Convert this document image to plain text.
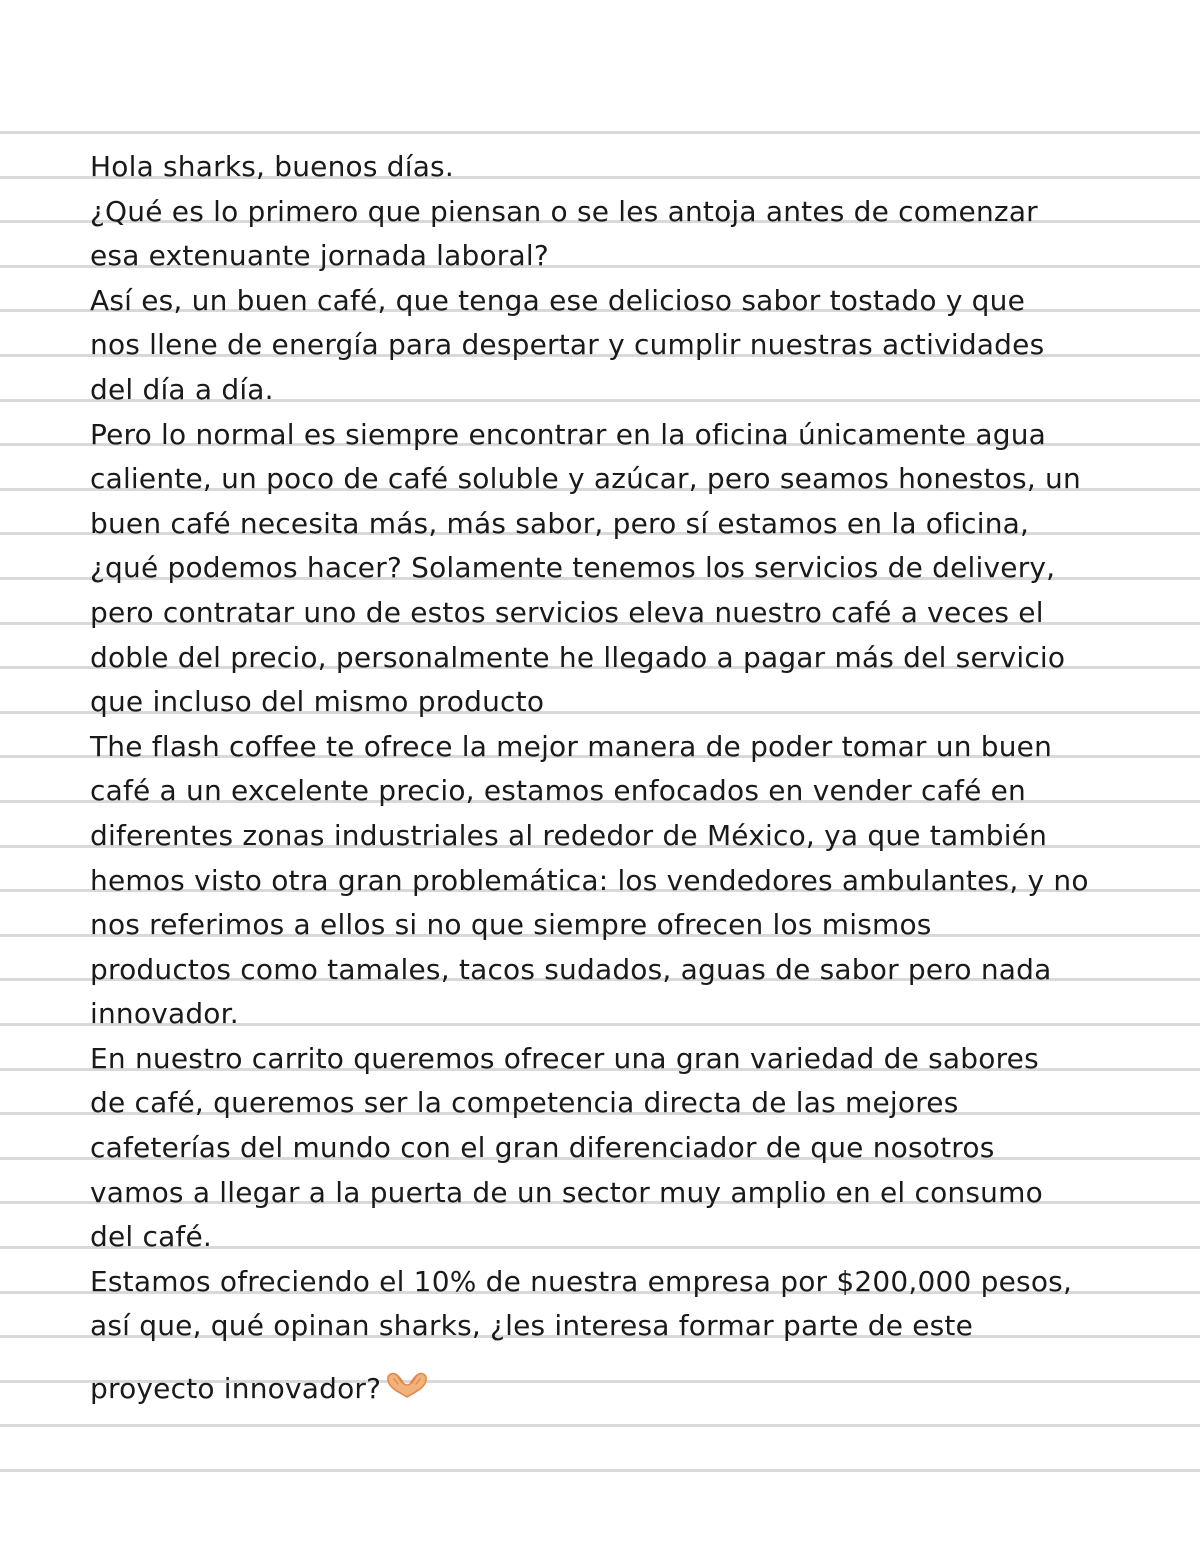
Hola sharks, buenos días.
¿Qué es lo primero que piensan o se les antoja antes de comenzar
esa extenuante jornada laboral?
Así es, un buen café, que tenga ese delicioso sabor tostado y que
nos llene de energía para despertar y cumplir nuestras actividades
del día a día.
Pero lo normal es siempre encontrar en la oficina únicamente agua
caliente, un poco de café soluble y azúcar, pero seamos honestos, un
buen café necesita más, más sabor, pero sí estamos en la oficina,
¿qué podemos hacer? Solamente tenemos los servicios de delivery,
pero contratar uno de estos servicios eleva nuestro café a veces el
doble del precio, personalmente he llegado a pagar más del servicio
que incluso del mismo producto
The flash coffee te ofrece la mejor manera de poder tomar un buen
café a un excelente precio, estamos enfocados en vender café en
diferentes zonas industriales al rededor de México, ya que también
hemos visto otra gran problemática: los vendedores ambulantes, y no
nos referimos a ellos si no que siempre ofrecen los mismos
productos como tamales, tacos sudados, aguas de sabor pero nada
innovador.
En nuestro carrito queremos ofrecer una gran variedad de sabores
de café, queremos ser la competencia directa de las mejores
cafeterías del mundo con el gran diferenciador de que nosotros
vamos a llegar a la puerta de un sector muy amplio en el consumo
del café.
Estamos ofreciendo el 10% de nuestra empresa por $200,000 pesos,
así que, qué opinan sharks, ¿les interesa formar parte de este
proyecto innovador?
